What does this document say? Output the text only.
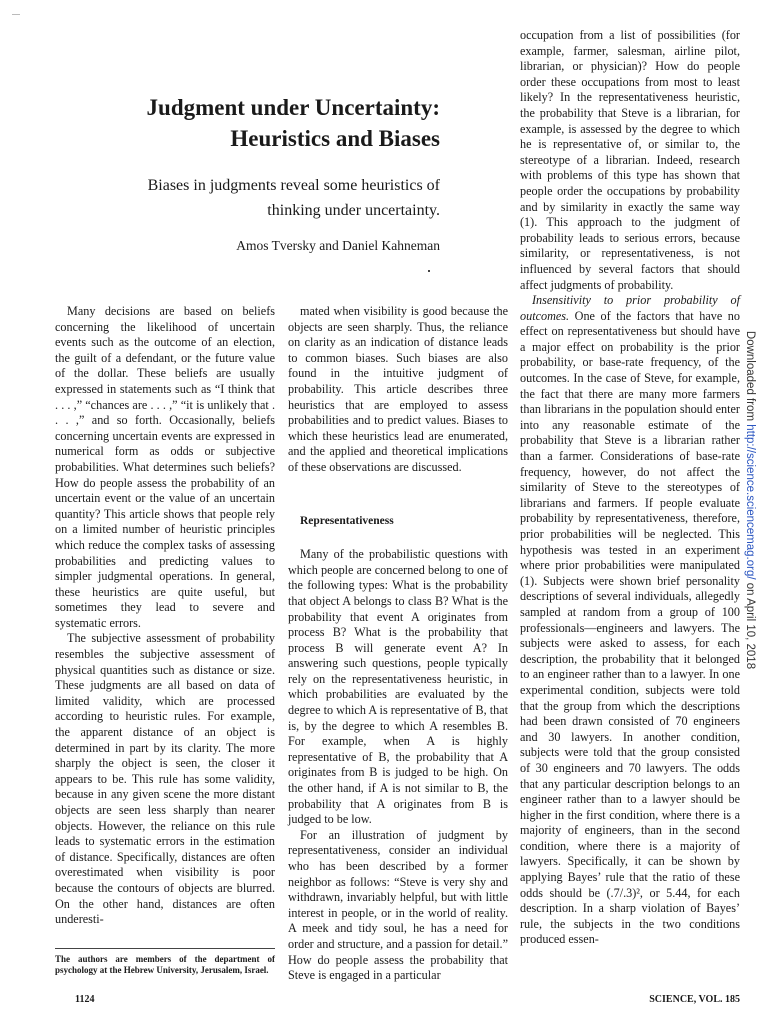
Judgment under Uncertainty:
Heuristics and Biases
Biases in judgments reveal some heuristics of
thinking under uncertainty.
Amos Tversky and Daniel Kahneman

Many decisions are based on beliefs concerning the likelihood of uncertain events such as the outcome of an election, the guilt of a defendant, or the future value of the dollar. These beliefs are usually expressed in statements such as “I think that . . . ,” “chances are . . . ,” “it is unlikely that . . . ,” and so forth. Occasionally, beliefs concerning uncertain events are expressed in numerical form as odds or subjective probabilities. What determines such beliefs? How do people assess the probability of an uncertain event or the value of an uncertain quantity? This article shows that people rely on a limited number of heuristic principles which reduce the complex tasks of assessing probabilities and predicting values to simpler judgmental operations. In general, these heuristics are quite useful, but sometimes they lead to severe and systematic errors.

The subjective assessment of probability resembles the subjective assessment of physical quantities such as distance or size. These judgments are all based on data of limited validity, which are processed according to heuristic rules. For example, the apparent distance of an object is determined in part by its clarity. The more sharply the object is seen, the closer it appears to be. This rule has some validity, because in any given scene the more distant objects are seen less sharply than nearer objects. However, the reliance on this rule leads to systematic errors in the estimation of distance. Specifically, distances are often overestimated when visibility is poor because the contours of objects are blurred. On the other hand, distances are often underesti-

mated when visibility is good because the objects are seen sharply. Thus, the reliance on clarity as an indication of distance leads to common biases. Such biases are also found in the intuitive judgment of probability. This article describes three heuristics that are employed to assess probabilities and to predict values. Biases to which these heuristics lead are enumerated, and the applied and theoretical implications of these observations are discussed.

Representativeness

Many of the probabilistic questions with which people are concerned belong to one of the following types: What is the probability that object A belongs to class B? What is the probability that event A originates from process B? What is the probability that process B will generate event A? In answering such questions, people typically rely on the representativeness heuristic, in which probabilities are evaluated by the degree to which A is representative of B, that is, by the degree to which A resembles B. For example, when A is highly representative of B, the probability that A originates from B is judged to be high. On the other hand, if A is not similar to B, the probability that A originates from B is judged to be low.

For an illustration of judgment by representativeness, consider an individual who has been described by a former neighbor as follows: “Steve is very shy and withdrawn, invariably helpful, but with little interest in people, or in the world of reality. A meek and tidy soul, he has a need for order and structure, and a passion for detail.” How do people assess the probability that Steve is engaged in a particular

occupation from a list of possibilities (for example, farmer, salesman, airline pilot, librarian, or physician)? How do people order these occupations from most to least likely? In the representativeness heuristic, the probability that Steve is a librarian, for example, is assessed by the degree to which he is representative of, or similar to, the stereotype of a librarian. Indeed, research with problems of this type has shown that people order the occupations by probability and by similarity in exactly the same way (1). This approach to the judgment of probability leads to serious errors, because similarity, or representativeness, is not influenced by several factors that should affect judgments of probability.

Insensitivity to prior probability of outcomes. One of the factors that have no effect on representativeness but should have a major effect on probability is the prior probability, or base-rate frequency, of the outcomes. In the case of Steve, for example, the fact that there are many more farmers than librarians in the population should enter into any reasonable estimate of the probability that Steve is a librarian rather than a farmer. Considerations of base-rate frequency, however, do not affect the similarity of Steve to the stereotypes of librarians and farmers. If people evaluate probability by representativeness, therefore, prior probabilities will be neglected. This hypothesis was tested in an experiment where prior probabilities were manipulated (1). Subjects were shown brief personality descriptions of several individuals, allegedly sampled at random from a group of 100 professionals—engineers and lawyers. The subjects were asked to assess, for each description, the probability that it belonged to an engineer rather than to a lawyer. In one experimental condition, subjects were told that the group from which the descriptions had been drawn consisted of 70 engineers and 30 lawyers. In another condition, subjects were told that the group consisted of 30 engineers and 70 lawyers. The odds that any particular description belongs to an engineer rather than to a lawyer should be higher in the first condition, where there is a majority of engineers, than in the second condition, where there is a majority of lawyers. Specifically, it can be shown by applying Bayes’ rule that the ratio of these odds should be (.7/.3)², or 5.44, for each description. In a sharp violation of Bayes’ rule, the subjects in the two conditions produced essen-

The authors are members of the department of psychology at the Hebrew University, Jerusalem, Israel.
1124	SCIENCE, VOL. 185
Downloaded from http://science.sciencemag.org/ on April 10, 2018
